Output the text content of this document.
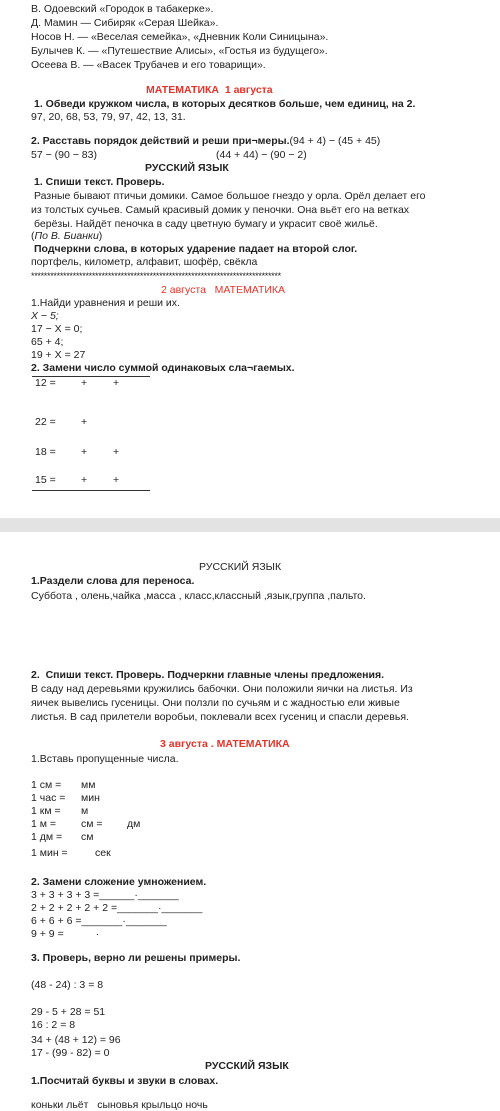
В. Одоевский «Городок в табакерке».
Д. Мамин — Сибиряк «Серая Шейка».
Носов Н. — «Веселая семейка», «Дневник Коли Синицына».
Булычев К. — «Путешествие Алисы», «Гостья из будущего».
Осеева В. — «Васек Трубачев и его товарищи».
МАТЕМАТИКА  1 августа
1. Обведи кружком числа, в которых десятков больше, чем единиц, на 2.
97, 20, 68, 53, 79, 97, 42, 13, 31.
2. Расставь порядок действий и реши при¬меры.(94 + 4) − (45 + 45)
57 − (90 − 83)	(44 + 44) − (90 − 2)
РУССКИЙ ЯЗЫК
1. Спиши текст. Проверь.
Разные бывают птичьи домики. Самое большое гнездо у орла. Орёл делает его
из толстых сучьев. Самый красивый домик у пеночки. Она вьёт его на ветках
берёзы. Найдёт пеночка в саду цветную бумагу и украсит своё жильё.
(По В. Бианки)
Подчеркни слова, в которых ударение падает на второй слог.
портфель, километр, алфавит, шофёр, свёкла
******************************************************************************
2 августа   МАТЕМАТИКА
1.Найди уравнения и реши их.
X − 5;
17 − X = 0;
65 + 4;
19 + X = 27
2. Замени число суммой одинаковых сла¬гаемых.
12 = + +
22 = +
18 = + +
15 = + +
РУССКИЙ ЯЗЫК
1.Раздели слова для переноса.
Суббота , олень,чайка ,масса , класс,классный ,язык,группа ,пальто.
2.  Спиши текст. Проверь. Подчеркни главные члены предложения.
В саду над деревьями кружились бабочки. Они положили яички на листья. Из
яичек вывелись гусеницы. Они ползли по сучьям и с жадностью ели живые
листья. В сад прилетели воробьи, поклевали всех гусениц и спасли деревья.
3 августа . МАТЕМАТИКА
1.Вставь пропущенные числа.
1 см = мм
1 час = мин
1 км = м
1 м = см = дм
1 дм = см
1 мин =	сек
2. Замени сложение умножением.
3 + 3 + 3 + 3 =______·_______
2 + 2 + 2 + 2 + 2 =_______·_______
6 + 6 + 6 =_______·_______
9 + 9 =           ·
3. Проверь, верно ли решены примеры.
(48 - 24) : 3 = 8
29 - 5 + 28 = 51
16 : 2 = 8
34 + (48 + 12) = 96
17 - (99 - 82) = 0
РУССКИЙ ЯЗЫК
1.Посчитай буквы и звуки в словах.
коньки льёт   сыновья крыльцо ночь
